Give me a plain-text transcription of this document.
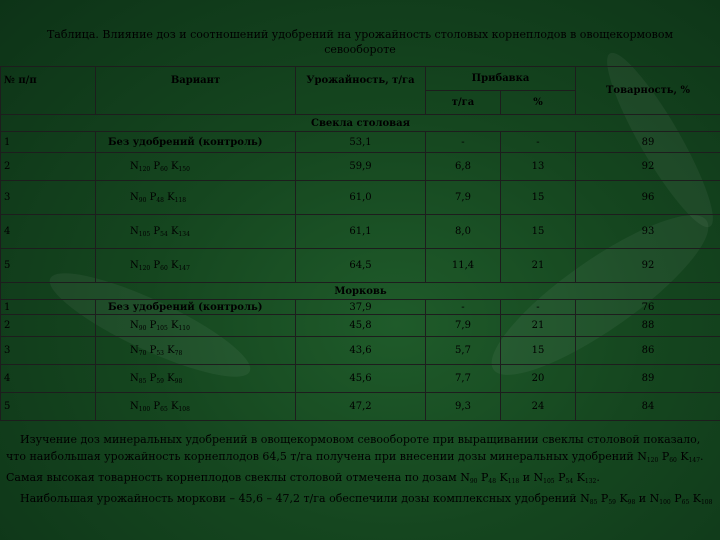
Таблица. Влияние доз и соотношений удобрений на урожайность столовых корнеплодов в овощекормовом севообороте
№ п/п	Вариант	Урожайность, т/га	Прибавка		Товарность, %
			т/га	%	
Свекла столовая					
1	Без удобрений (контроль)	53,1	-	-	89
2	$N_{120}$ $P_{60}$ $K_{150}$	59,9	6,8	13	92
3	$N_{90}$ $P_{48}$ $K_{118}$	61,0	7,9	15	96
4	$N_{105}$ $P_{54}$ $K_{134}$	61,1	8,0	15	93
5	$N_{120}$ $P_{60}$ $K_{147}$	64,5	11,4	21	92
Морковь					
1	Без удобрений (контроль)	37,9	-	-	76
2	$N_{90}$ $P_{105}$ $K_{110}$	45,8	7,9	21	88
3	$N_{70}$ $P_{53}$ $K_{78}$	43,6	5,7	15	86
4	$N_{85}$ $P_{59}$ $K_{98}$	45,6	7,7	20	89
5	$N_{100}$ $P_{65}$ $K_{108}$	47,2	9,3	24	84

Изучение доз минеральных удобрений в овощекормовом севообороте при выращивании свеклы столовой показало, что наибольшая урожайность корнеплодов 64,5 т/га получена при внесении дозы минеральных удобрений $N_{120}$ $P_{60}$ $K_{147}$. Самая высокая товарность корнеплодов свеклы столовой отмечена по дозам $N_{90}$ $P_{48}$ $K_{118}$ и $N_{105}$ $P_{54}$ $K_{132}$.

Наибольшая урожайность моркови – 45,6 – 47,2 т/га обеспечили дозы комплексных удобрений $N_{85}$ $P_{59}$ $K_{98}$ и $N_{100}$ $P_{65}$ $K_{108}$
